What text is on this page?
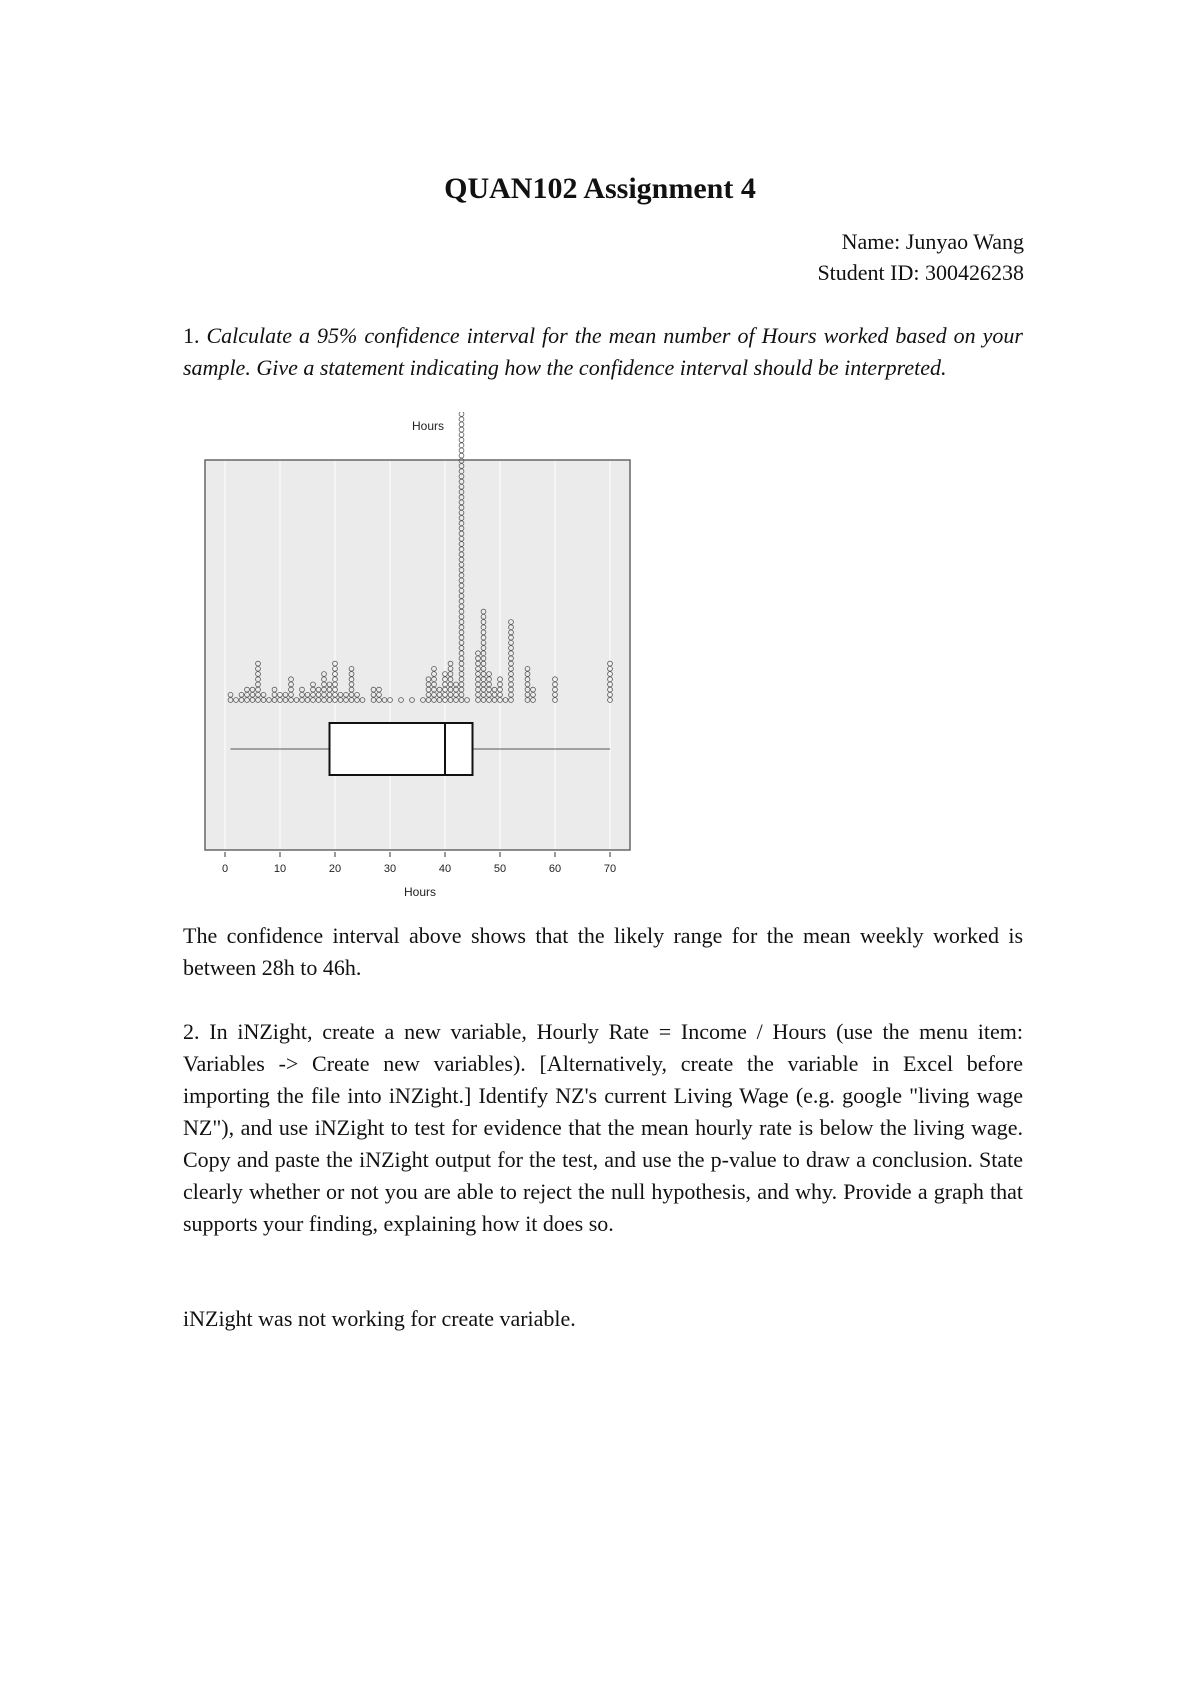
QUAN102 Assignment 4
Name: Junyao Wang
Student ID: 300426238

1. Calculate a 95% confidence interval for the mean number of Hours worked based on your sample. Give a statement indicating how the confidence interval should be interpreted.

Hours
0	10	20	30	40	50	60	70
Hours

The confidence interval above shows that the likely range for the mean weekly worked is between 28h to 46h.

2. In iNZight, create a new variable, Hourly Rate = Income / Hours (use the menu item: Variables -> Create new variables). [Alternatively, create the variable in Excel before importing the file into iNZight.] Identify NZ's current Living Wage (e.g. google "living wage NZ"), and use iNZight to test for evidence that the mean hourly rate is below the living wage. Copy and paste the iNZight output for the test, and use the p-value to draw a conclusion. State clearly whether or not you are able to reject the null hypothesis, and why. Provide a graph that supports your finding, explaining how it does so.

iNZight was not working for create variable.
